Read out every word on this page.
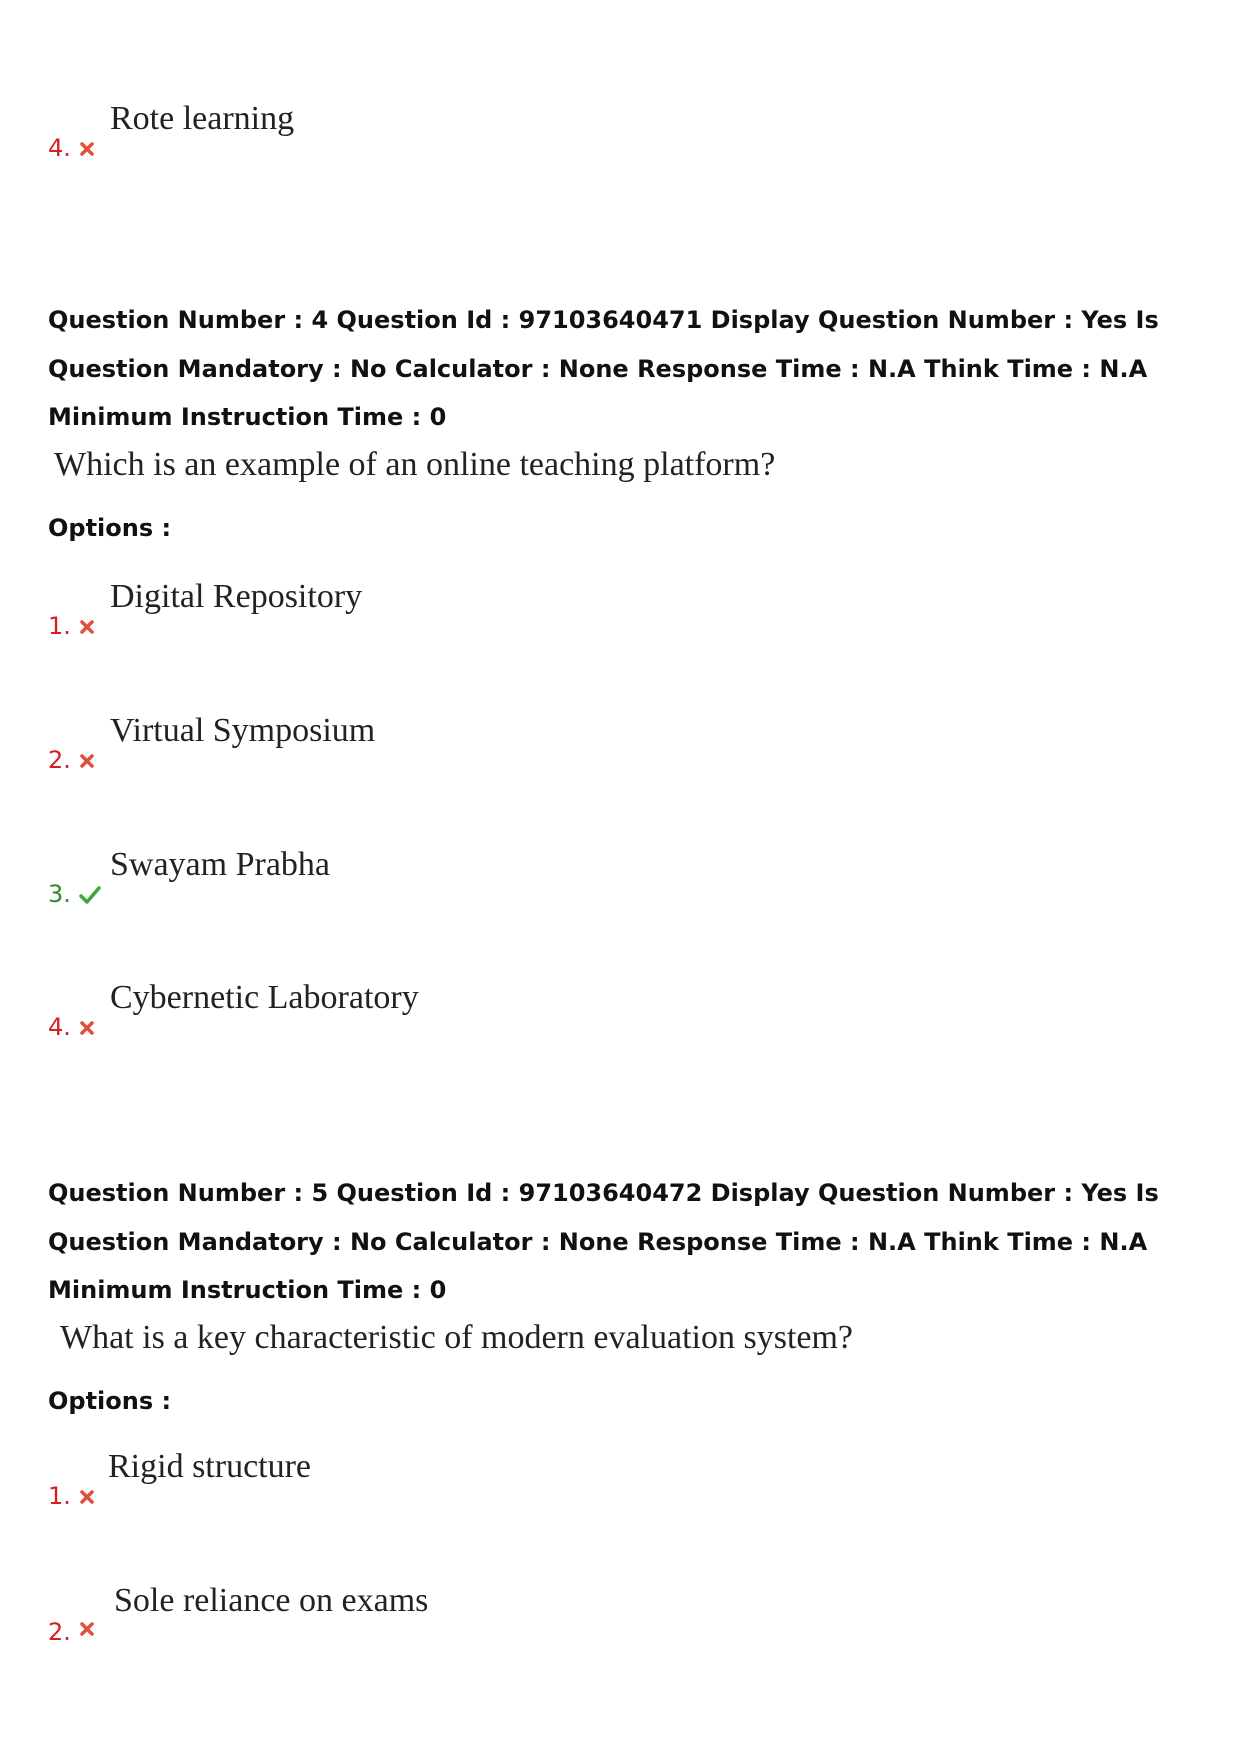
4.
Rote learning

Question Number : 4 Question Id : 97103640471 Display Question Number : Yes Is Question Mandatory : No Calculator : None Response Time : N.A Think Time : N.A Minimum Instruction Time : 0

Which is an example of an online teaching platform?

Options :

1.
Digital Repository
2.
Virtual Symposium
3.
Swayam Prabha
4.
Cybernetic Laboratory

Question Number : 5 Question Id : 97103640472 Display Question Number : Yes Is Question Mandatory : No Calculator : None Response Time : N.A Think Time : N.A Minimum Instruction Time : 0

What is a key characteristic of modern evaluation system?

Options :

1.
Rigid structure
2.
Sole reliance on exams
